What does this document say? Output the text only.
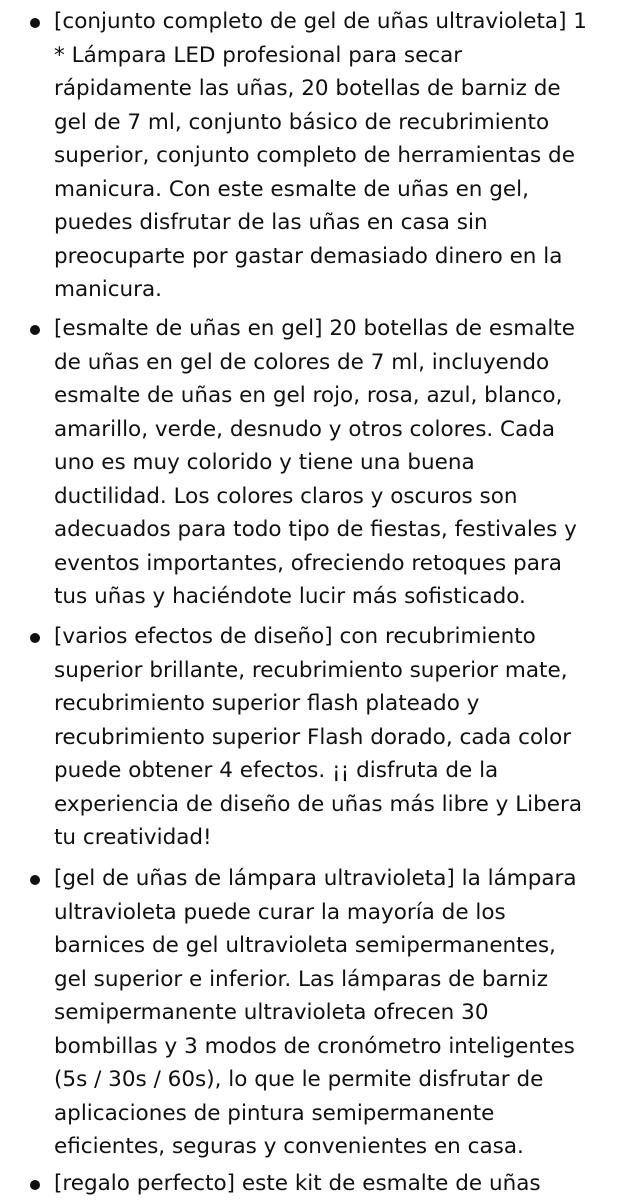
[conjunto completo de gel de uñas ultravioleta] 1
* Lámpara LED profesional para secar
rápidamente las uñas, 20 botellas de barniz de
gel de 7 ml, conjunto básico de recubrimiento
superior, conjunto completo de herramientas de
manicura. Con este esmalte de uñas en gel,
puedes disfrutar de las uñas en casa sin
preocuparte por gastar demasiado dinero en la
manicura.

[esmalte de uñas en gel] 20 botellas de esmalte
de uñas en gel de colores de 7 ml, incluyendo
esmalte de uñas en gel rojo, rosa, azul, blanco,
amarillo, verde, desnudo y otros colores. Cada
uno es muy colorido y tiene una buena
ductilidad. Los colores claros y oscuros son
adecuados para todo tipo de fiestas, festivales y
eventos importantes, ofreciendo retoques para
tus uñas y haciéndote lucir más sofisticado.

[varios efectos de diseño] con recubrimiento
superior brillante, recubrimiento superior mate,
recubrimiento superior flash plateado y
recubrimiento superior Flash dorado, cada color
puede obtener 4 efectos. ¡¡ disfruta de la
experiencia de diseño de uñas más libre y Libera
tu creatividad!

[gel de uñas de lámpara ultravioleta] la lámpara
ultravioleta puede curar la mayoría de los
barnices de gel ultravioleta semipermanentes,
gel superior e inferior. Las lámparas de barniz
semipermanente ultravioleta ofrecen 30
bombillas y 3 modos de cronómetro inteligentes
(5s / 30s / 60s), lo que le permite disfrutar de
aplicaciones de pintura semipermanente
eficientes, seguras y convenientes en casa.

[regalo perfecto] este kit de esmalte de uñas
